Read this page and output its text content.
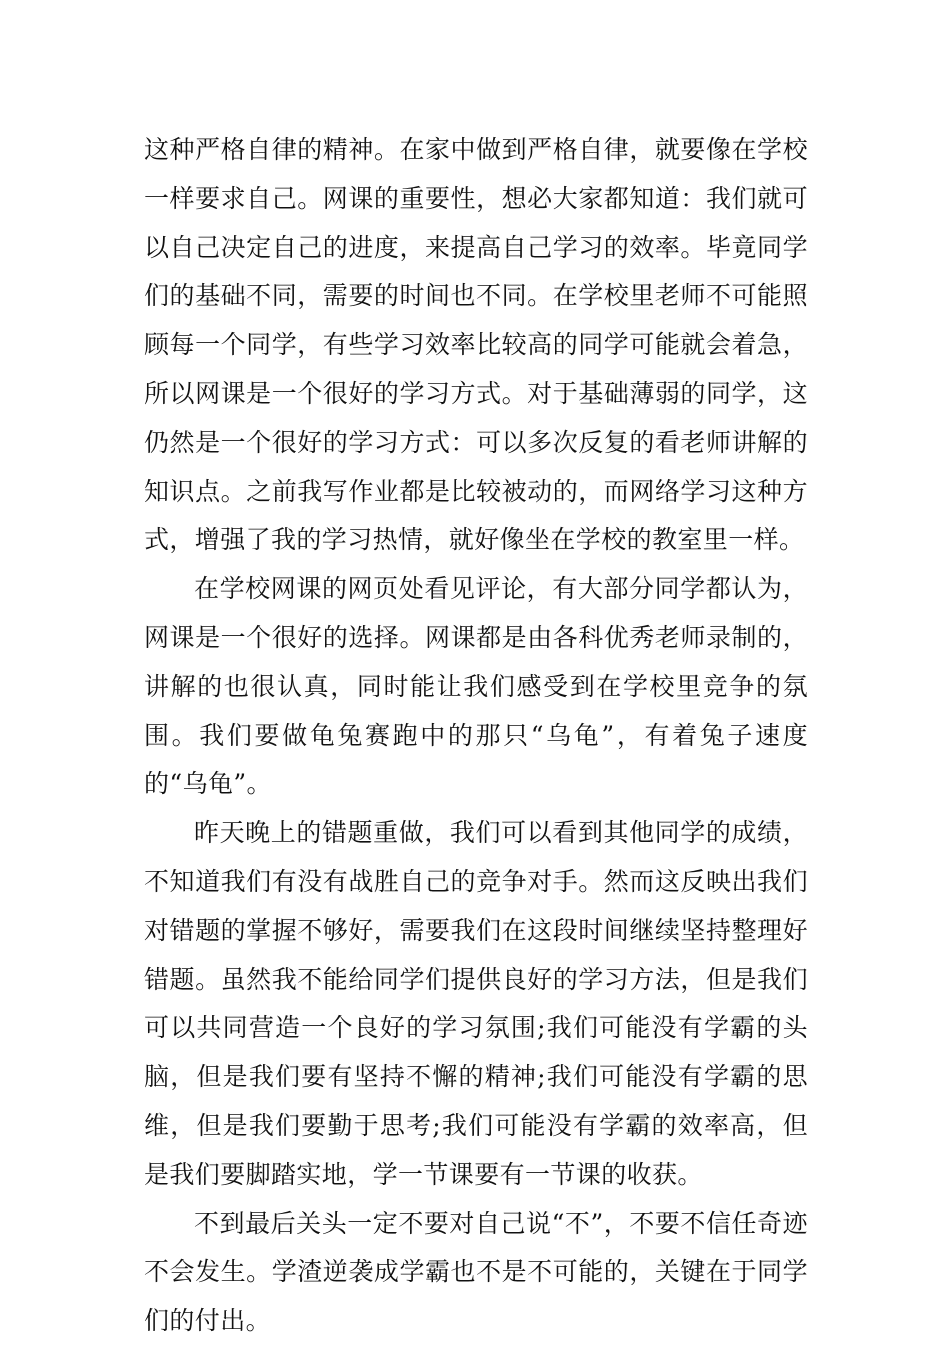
这种严格自律的精神。在家中做到严格自律，就要像在学校一样要求自己。网课的重要性，想必大家都知道：我们就可以自己决定自己的进度，来提高自己学习的效率。毕竟同学们的基础不同，需要的时间也不同。在学校里老师不可能照顾每一个同学，有些学习效率比较高的同学可能就会着急，所以网课是一个很好的学习方式。对于基础薄弱的同学，这仍然是一个很好的学习方式：可以多次反复的看老师讲解的知识点。之前我写作业都是比较被动的，而网络学习这种方式，增强了我的学习热情，就好像坐在学校的教室里一样。

在学校网课的网页处看见评论，有大部分同学都认为，网课是一个很好的选择。网课都是由各科优秀老师录制的，讲解的也很认真，同时能让我们感受到在学校里竞争的氛围。我们要做龟兔赛跑中的那只“乌龟”，有着兔子速度的“乌龟”。

昨天晚上的错题重做，我们可以看到其他同学的成绩，不知道我们有没有战胜自己的竞争对手。然而这反映出我们对错题的掌握不够好，需要我们在这段时间继续坚持整理好错题。虽然我不能给同学们提供良好的学习方法，但是我们可以共同营造一个良好的学习氛围;我们可能没有学霸的头脑，但是我们要有坚持不懈的精神;我们可能没有学霸的思维，但是我们要勤于思考;我们可能没有学霸的效率高，但是我们要脚踏实地，学一节课要有一节课的收获。

不到最后关头一定不要对自己说“不”，不要不信任奇迹不会发生。学渣逆袭成学霸也不是不可能的，关键在于同学们的付出。
